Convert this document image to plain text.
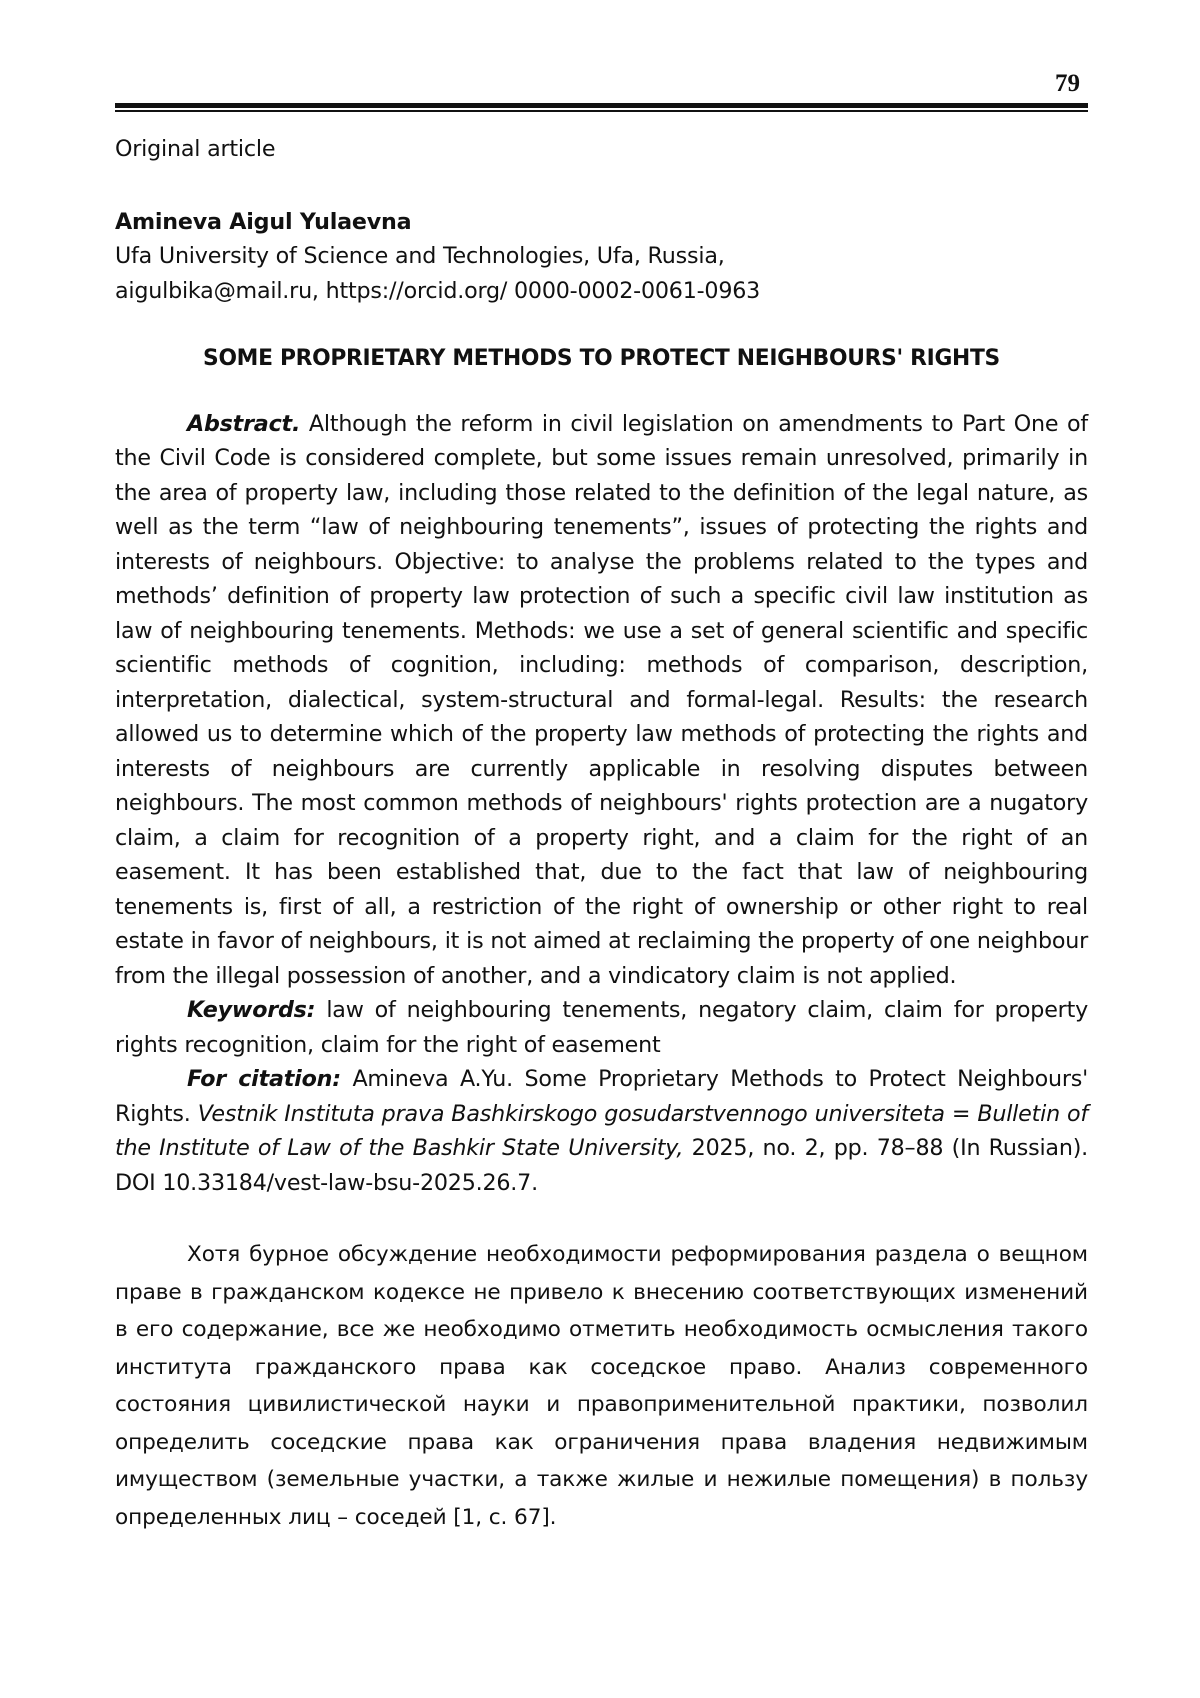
79
Original article
Amineva Aigul Yulaevna
Ufa University of Science and Technologies, Ufa, Russia,
aigulbika@mail.ru, https://orcid.org/ 0000-0002-0061-0963
SOME PROPRIETARY METHODS TO PROTECT NEIGHBOURS' RIGHTS

Abstract. Although the reform in civil legislation on amendments to Part One of the Civil Code is considered complete, but some issues remain unresolved, primarily in the area of property law, including those related to the definition of the legal nature, as well as the term “law of neighbouring tenements”, issues of protecting the rights and interests of neighbours. Objective: to analyse the problems related to the types and methods’ definition of property law protection of such a specific civil law institution as law of neighbouring tenements. Methods: we use a set of general scientific and specific scientific methods of cognition, including: methods of comparison, description, interpretation, dialectical, system-structural and formal-legal. Results: the research allowed us to determine which of the property law methods of protecting the rights and interests of neighbours are currently applicable in resolving disputes between neighbours. The most common methods of neighbours' rights protection are a nugatory claim, a claim for recognition of a property right, and a claim for the right of an easement. It has been established that, due to the fact that law of neighbouring tenements is, first of all, a restriction of the right of ownership or other right to real estate in favor of neighbours, it is not aimed at reclaiming the property of one neighbour from the illegal possession of another, and a vindicatory claim is not applied.

Keywords: law of neighbouring tenements, negatory claim, claim for property rights recognition, claim for the right of easement

For citation: Amineva A.Yu. Some Proprietary Methods to Protect Neighbours' Rights. Vestnik Instituta prava Bashkirskogo gosudarstvennogo universiteta = Bulletin of the Institute of Law of the Bashkir State University, 2025, no. 2, pp. 78–88 (In Russian). DOI 10.33184/vest-law-bsu-2025.26.7.

Хотя бурное обсуждение необходимости реформирования раздела о вещном праве в гражданском кодексе не привело к внесению соответствующих изменений в его содержание, все же необходимо отметить необходимость осмысления такого института гражданского права как соседское право. Анализ современного состояния цивилистической науки и правоприменительной практики, позволил определить соседские права как ограничения права владения недвижимым имуществом (земельные участки, а также жилые и нежилые помещения) в пользу определенных лиц – соседей [1, с. 67].
